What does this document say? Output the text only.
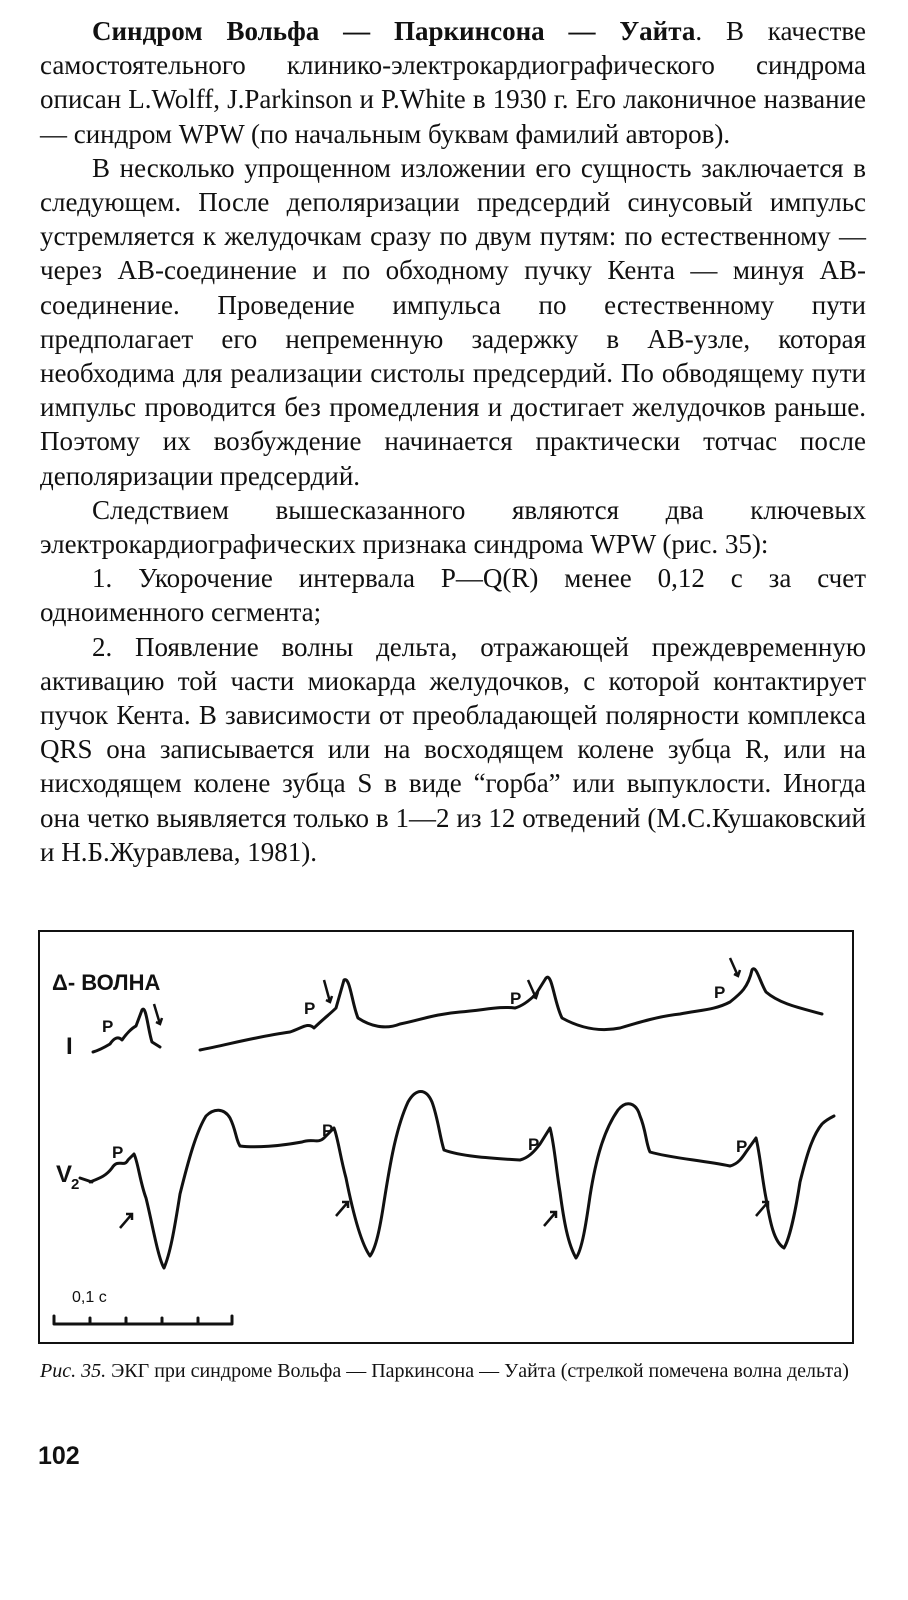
Синдром Вольфа — Паркинсона — Уайта. В качестве самостоятельного клинико-электрокардиографического синдрома описан L.Wolff, J.Parkinson и P.White в 1930 г. Его лаконичное название — синдром WPW (по начальным буквам фамилий авторов).

В несколько упрощенном изложении его сущность заключается в следующем. После деполяризации предсердий синусовый импульс устремляется к желудочкам сразу по двум путям: по естественному — через АВ-соединение и по обходному пучку Кента — минуя АВ-соединение. Проведение импульса по естественному пути предполагает его непременную задержку в АВ-узле, которая необходима для реализации систолы предсердий. По обводящему пути импульс проводится без промедления и достигает желудочков раньше. Поэтому их возбуждение начинается практически тотчас после деполяризации предсердий.

Следствием вышесказанного являются два ключевых электрокардиографических признака синдрома WPW (рис. 35):

1. Укорочение интервала P—Q(R) менее 0,12 с за счет одноименного сегмента;

2. Появление волны дельта, отражающей преждевременную активацию той части миокарда желудочков, с которой контактирует пучок Кента. В зависимости от преобладающей полярности комплекса QRS она записывается или на восходящем колене зубца R, или на нисходящем колене зубца S в виде “горба” или выпуклости. Иногда она четко выявляется только в 1—2 из 12 отведений (М.С.Кушаковский и Н.Б.Журавлева, 1981).

Δ- ВОЛНА
I
V
2
P
P
P	P
P
P
P	P
0,1 с
Рис. 35. ЭКГ при синдроме Вольфа — Паркинсона — Уайта (стрелкой помечена волна дельта)
102
